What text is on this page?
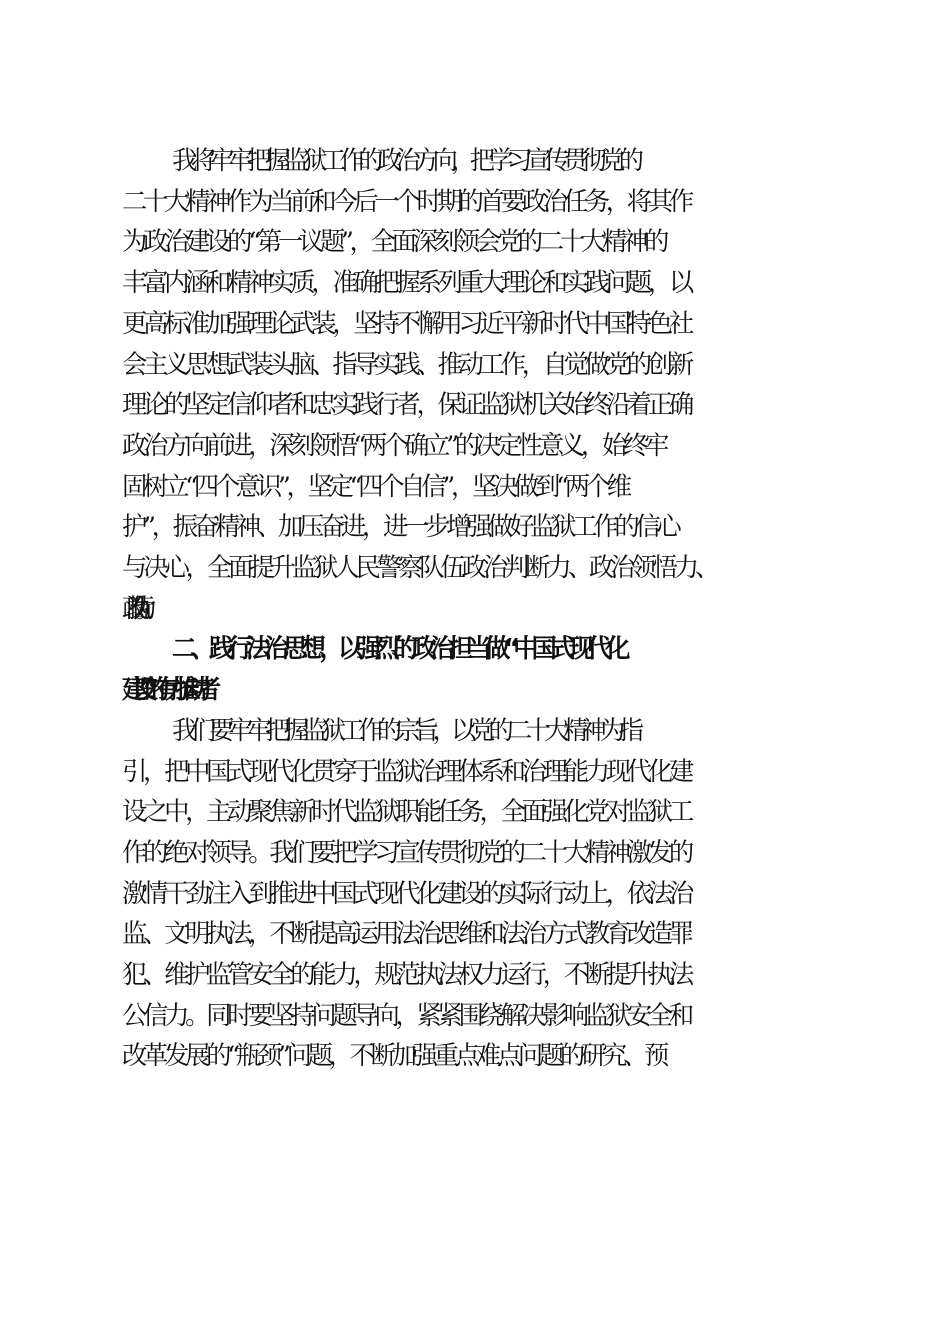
我将牢牢把握监狱工作的政治方向，把学习宣传贯彻党的
二十大精神作为当前和今后一个时期的首要政治任务，将其作
为政治建设的“第一议题”，全面深刻领会党的二十大精神的
丰富内涵和精神实质，准确把握系列重大理论和实践问题，以
更高标准加强理论武装，坚持不懈用习近平新时代中国特色社
会主义思想武装头脑、指导实践、推动工作，自觉做党的创新
理论的坚定信仰者和忠实践行者，保证监狱机关始终沿着正确
政治方向前进，深刻领悟“两个确立”的决定性意义，始终牢
固树立“四个意识”，坚定“四个自信”，坚决做到“两个维
护”，振奋精神、加压奋进，进一步增强做好监狱工作的信心
与决心，全面提升监狱人民警察队伍政治判断力、政治领悟力、
政治执行力。
二、践行法治思想，以强烈的政治担当做“中国式现代化
建设”的有力推动者
我们要牢牢把握监狱工作的宗旨，以党的二十大精神为指
引，把中国式现代化贯穿于监狱治理体系和治理能力现代化建
设之中，主动聚焦新时代监狱职能任务，全面强化党对监狱工
作的绝对领导。我们要把学习宣传贯彻党的二十大精神激发的
激情干劲注入到推进中国式现代化建设的实际行动上，依法治
监、文明执法，不断提高运用法治思维和法治方式教育改造罪
犯、维护监管安全的能力，规范执法权力运行，不断提升执法
公信力。同时要坚持问题导向，紧紧围绕解决影响监狱安全和
改革发展的“瓶颈”问题，不断加强重点难点问题的研究、预
